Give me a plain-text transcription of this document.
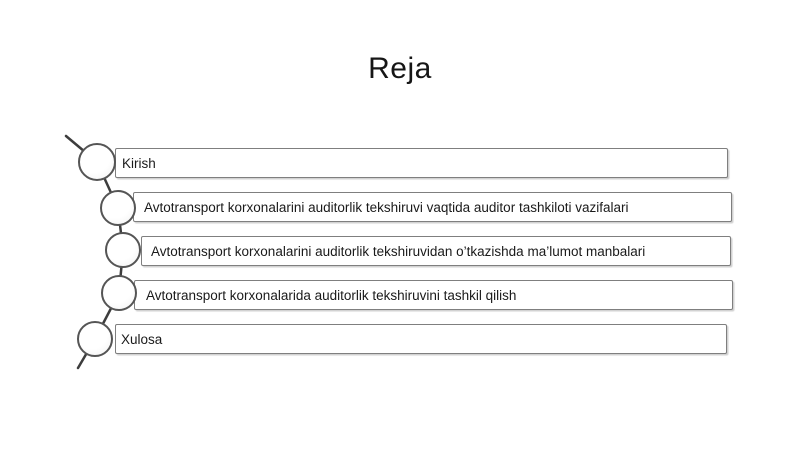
Reja
Kirish
Avtotransport korxonalarini auditorlik tekshiruvi vaqtida auditor tashkiloti vazifalari
Avtotransport korxonalarini auditorlik tekshiruvidan o’tkazishda ma’lumot manbalari
Avtotransport korxonalarida auditorlik tekshiruvini tashkil qilish
Xulosa
